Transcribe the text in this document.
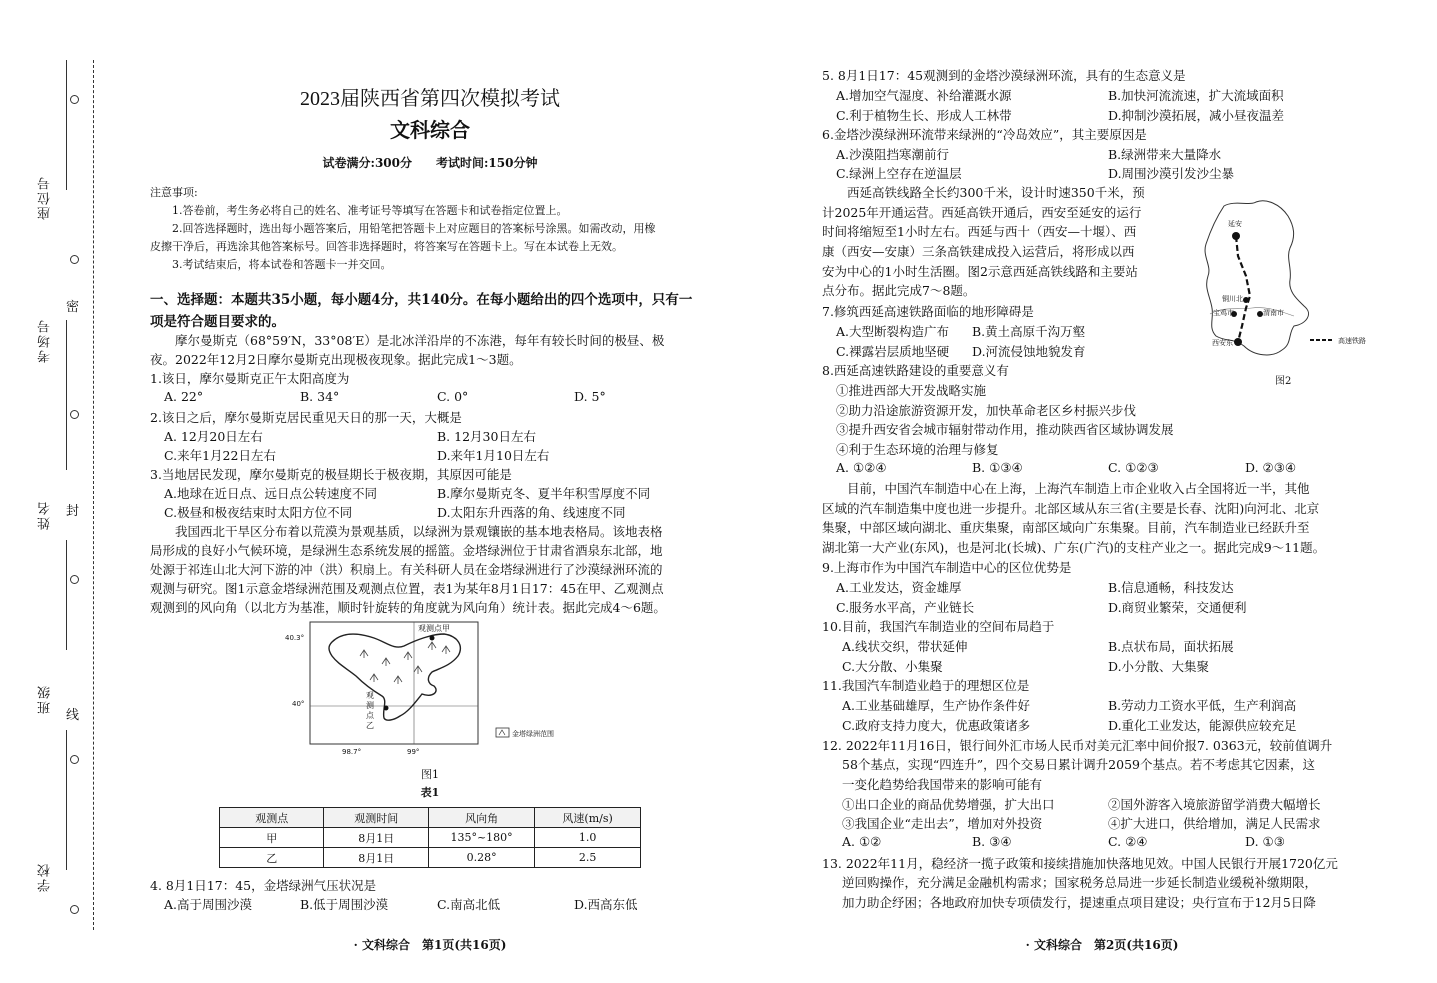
座位号
密
考场号
姓名 封
班级
线
学校
2023届陕西省第四次模拟考试
文科综合
试卷满分:300分　　考试时间:150分钟
注意事项:
1.答卷前，考生务必将自己的姓名、准考证号等填写在答题卡和试卷指定位置上。
2.回答选择题时，选出每小题答案后，用铅笔把答题卡上对应题目的答案标号涂黑。如需改动，用橡
皮擦干净后，再选涂其他答案标号。回答非选择题时，将答案写在答题卡上。写在本试卷上无效。
3.考试结束后，将本试卷和答题卡一并交回。
一、选择题：本题共35小题，每小题4分，共140分。在每小题给出的四个选项中，只有一
项是符合题目要求的。
　　摩尔曼斯克（68°59′N，33°08′E）是北冰洋沿岸的不冻港，每年有较长时间的极昼、极
夜。2022年12月2日摩尔曼斯克出现极夜现象。据此完成1～3题。
1.该日，摩尔曼斯克正午太阳高度为
A. 22°	B. 34°	C. 0°	D. 5°
2.该日之后，摩尔曼斯克居民重见天日的那一天，大概是
A. 12月20日左右	B. 12月30日左右
C.来年1月22日左右	D.来年1月10日左右
3.当地居民发现，摩尔曼斯克的极昼期长于极夜期，其原因可能是
A.地球在近日点、远日点公转速度不同	B.摩尔曼斯克冬、夏半年积雪厚度不同
C.极昼和极夜结束时太阳方位不同	D.太阳东升西落的角、线速度不同
　　我国西北干旱区分布着以荒漠为景观基质，以绿洲为景观镶嵌的基本地表格局。该地表格
局形成的良好小气候环境，是绿洲生态系统发展的摇篮。金塔绿洲位于甘肃省酒泉东北部，地
处源于祁连山北大河下游的冲（洪）积扇上。有关科研人员在金塔绿洲进行了沙漠绿洲环流的
观测与研究。图1示意金塔绿洲范围及观测点位置，表1为某年8月1日17：45在甲、乙观测点
观测到的风向角（以北方为基准，顺时针旋转的角度就为风向角）统计表。据此完成4～6题。
40.3°
40°
98.7°	99°
观测点甲
观
测
点
乙
金塔绿洲范围
图1
表1
观测点	观测时间	风向角	风速(m/s)
甲	8月1日	135°~180°	1.0
乙	8月1日	0.28°	2.5
4. 8月1日17：45，金塔绿洲气压状况是
A.高于周围沙漠	B.低于周围沙漠	C.南高北低	D.西高东低
· 文科综合　第1页(共16页)
5. 8月1日17：45观测到的金塔沙漠绿洲环流，具有的生态意义是
A.增加空气湿度、补给灌溉水源	B.加快河流流速，扩大流域面积
C.利于植物生长、形成人工林带	D.抑制沙漠拓展，减小昼夜温差
6.金塔沙漠绿洲环流带来绿洲的“冷岛效应”，其主要原因是
A.沙漠阻挡寒潮前行	B.绿洲带来大量降水
C.绿洲上空存在逆温层	D.周围沙漠引发沙尘暴
　　西延高铁线路全长约300千米，设计时速350千米，预
计2025年开通运营。西延高铁开通后，西安至延安的运行
时间将缩短至1小时左右。西延与西十（西安—十堰）、西
康（西安—安康）三条高铁建成投入运营后，将形成以西
安为中心的1小时生活圈。图2示意西延高铁线路和主要站
点分布。据此完成7～8题。
延安
铜川北
宝鸡市	渭南市
西安东	高速铁路
图2
7.修筑西延高速铁路面临的地形障碍是
A.大型断裂构造广布 B.黄土高原千沟万壑
C.裸露岩层质地坚硬 D.河流侵蚀地貌发育
8.西延高速铁路建设的重要意义有
①推进西部大开发战略实施
②助力沿途旅游资源开发，加快革命老区乡村振兴步伐
③提升西安省会城市辐射带动作用，推动陕西省区域协调发展
④利于生态环境的治理与修复
A. ①②④	B. ①③④	C. ①②③	D. ②③④
　　目前，中国汽车制造中心在上海，上海汽车制造上市企业收入占全国将近一半，其他
区域的汽车制造集中度也进一步提升。北部区域从东三省(主要是长春、沈阳)向河北、北京
集聚，中部区域向湖北、重庆集聚，南部区域向广东集聚。目前，汽车制造业已经跃升至
湖北第一大产业(东风)，也是河北(长城)、广东(广汽)的支柱产业之一。据此完成9～11题。
9.上海市作为中国汽车制造中心的区位优势是
A.工业发达，资金雄厚	B.信息通畅，科技发达
C.服务水平高，产业链长	D.商贸业繁荣，交通便利
10.目前，我国汽车制造业的空间布局趋于
A.线状交织，带状延伸	B.点状布局，面状拓展
C.大分散、小集聚	D.小分散、大集聚
11.我国汽车制造业趋于的理想区位是
A.工业基础雄厚，生产协作条件好	B.劳动力工资水平低，生产利润高
C.政府支持力度大，优惠政策诸多	D.重化工业发达，能源供应较充足
12. 2022年11月16日，银行间外汇市场人民币对美元汇率中间价报7. 0363元，较前值调升
58个基点，实现“四连升”，四个交易日累计调升2059个基点。若不考虑其它因素，这
一变化趋势给我国带来的影响可能有
①出口企业的商品优势增强，扩大出口	②国外游客入境旅游留学消费大幅增长
③我国企业“走出去”，增加对外投资	④扩大进口，供给增加，满足人民需求
A. ①②	B. ③④	C. ②④	D. ①③
13. 2022年11月，稳经济一揽子政策和接续措施加快落地见效。中国人民银行开展1720亿元
逆回购操作，充分满足金融机构需求；国家税务总局进一步延长制造业缓税补缴期限，
加力助企纾困；各地政府加快专项债发行，提速重点项目建设；央行宣布于12月5日降
· 文科综合　第2页(共16页)
